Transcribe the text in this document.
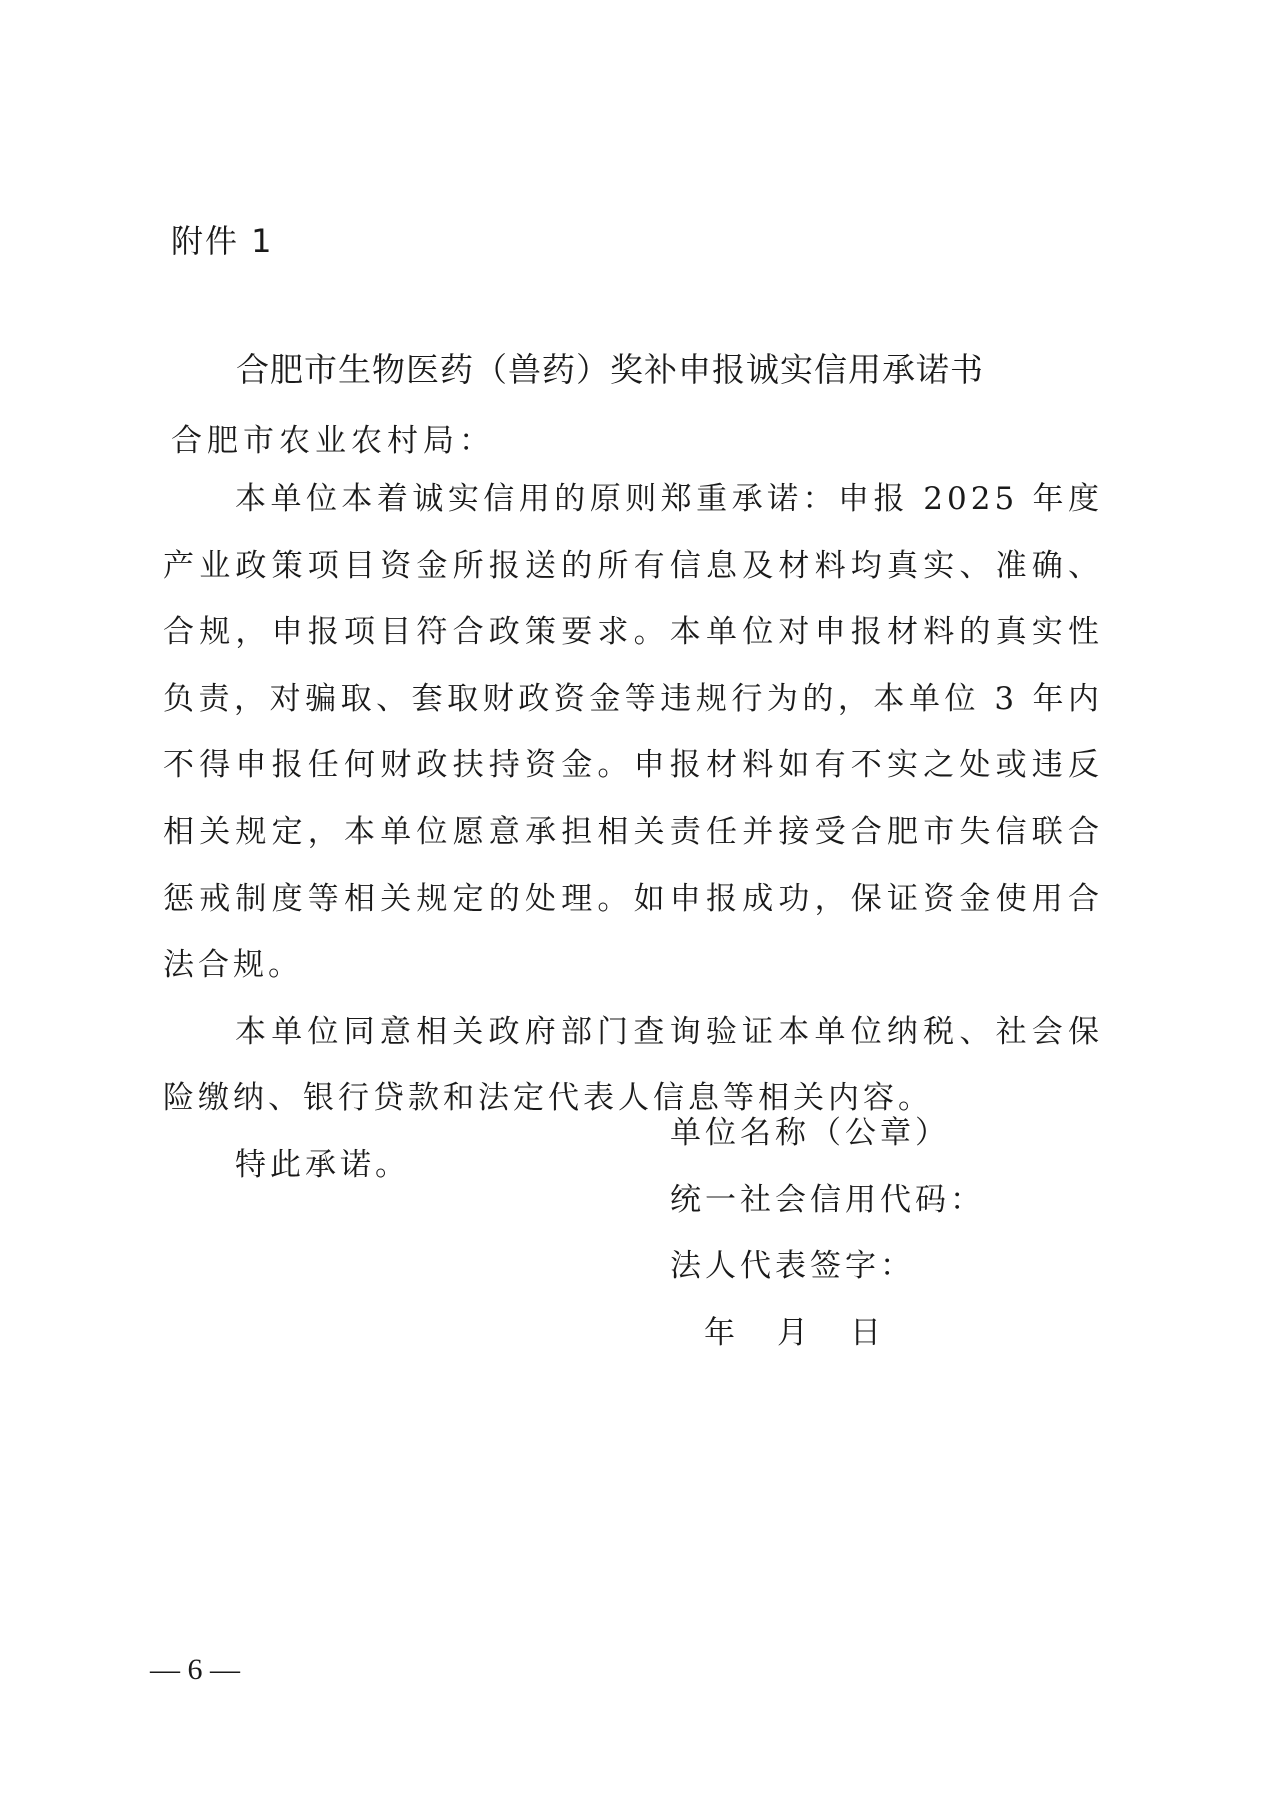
附件 1
合肥市生物医药（兽药）奖补申报诚实信用承诺书
合肥市农业农村局：

本单位本着诚实信用的原则郑重承诺：申报 2025 年度产业政策项目资金所报送的所有信息及材料均真实、准确、合规，申报项目符合政策要求。本单位对申报材料的真实性负责，对骗取、套取财政资金等违规行为的，本单位 3 年内不得申报任何财政扶持资金。申报材料如有不实之处或违反相关规定，本单位愿意承担相关责任并接受合肥市失信联合惩戒制度等相关规定的处理。如申报成功，保证资金使用合法合规。

本单位同意相关政府部门查询验证本单位纳税、社会保险缴纳、银行贷款和法定代表人信息等相关内容。

特此承诺。

单位名称（公章）
统一社会信用代码：
法人代表签字：
年 月 日
— 6 —
